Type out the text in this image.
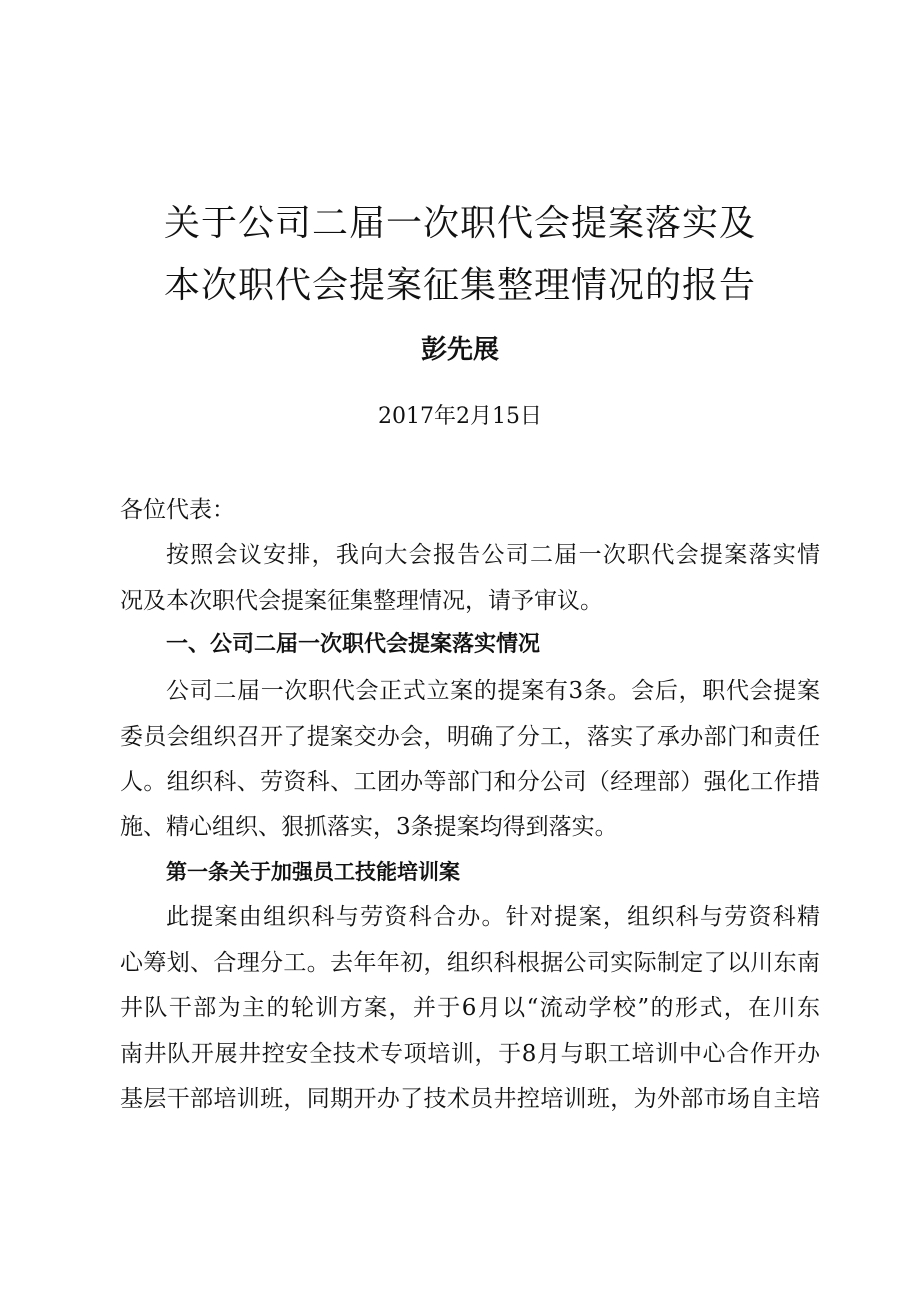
关于公司二届一次职代会提案落实及
本次职代会提案征集整理情况的报告
彭先展
2017年2月15日
各位代表：
按照会议安排，我向大会报告公司二届一次职代会提案落实情
况及本次职代会提案征集整理情况，请予审议。
一、公司二届一次职代会提案落实情况
公司二届一次职代会正式立案的提案有3条。会后，职代会提案
委员会组织召开了提案交办会，明确了分工，落实了承办部门和责任
人。组织科、劳资科、工团办等部门和分公司（经理部）强化工作措
施、精心组织、狠抓落实，3条提案均得到落实。
第一条关于加强员工技能培训案
此提案由组织科与劳资科合办。针对提案，组织科与劳资科精
心筹划、合理分工。去年年初，组织科根据公司实际制定了以川东南
井队干部为主的轮训方案，并于6月以“流动学校”的形式，在川东
南井队开展井控安全技术专项培训，于8月与职工培训中心合作开办
基层干部培训班，同期开办了技术员井控培训班，为外部市场自主培
